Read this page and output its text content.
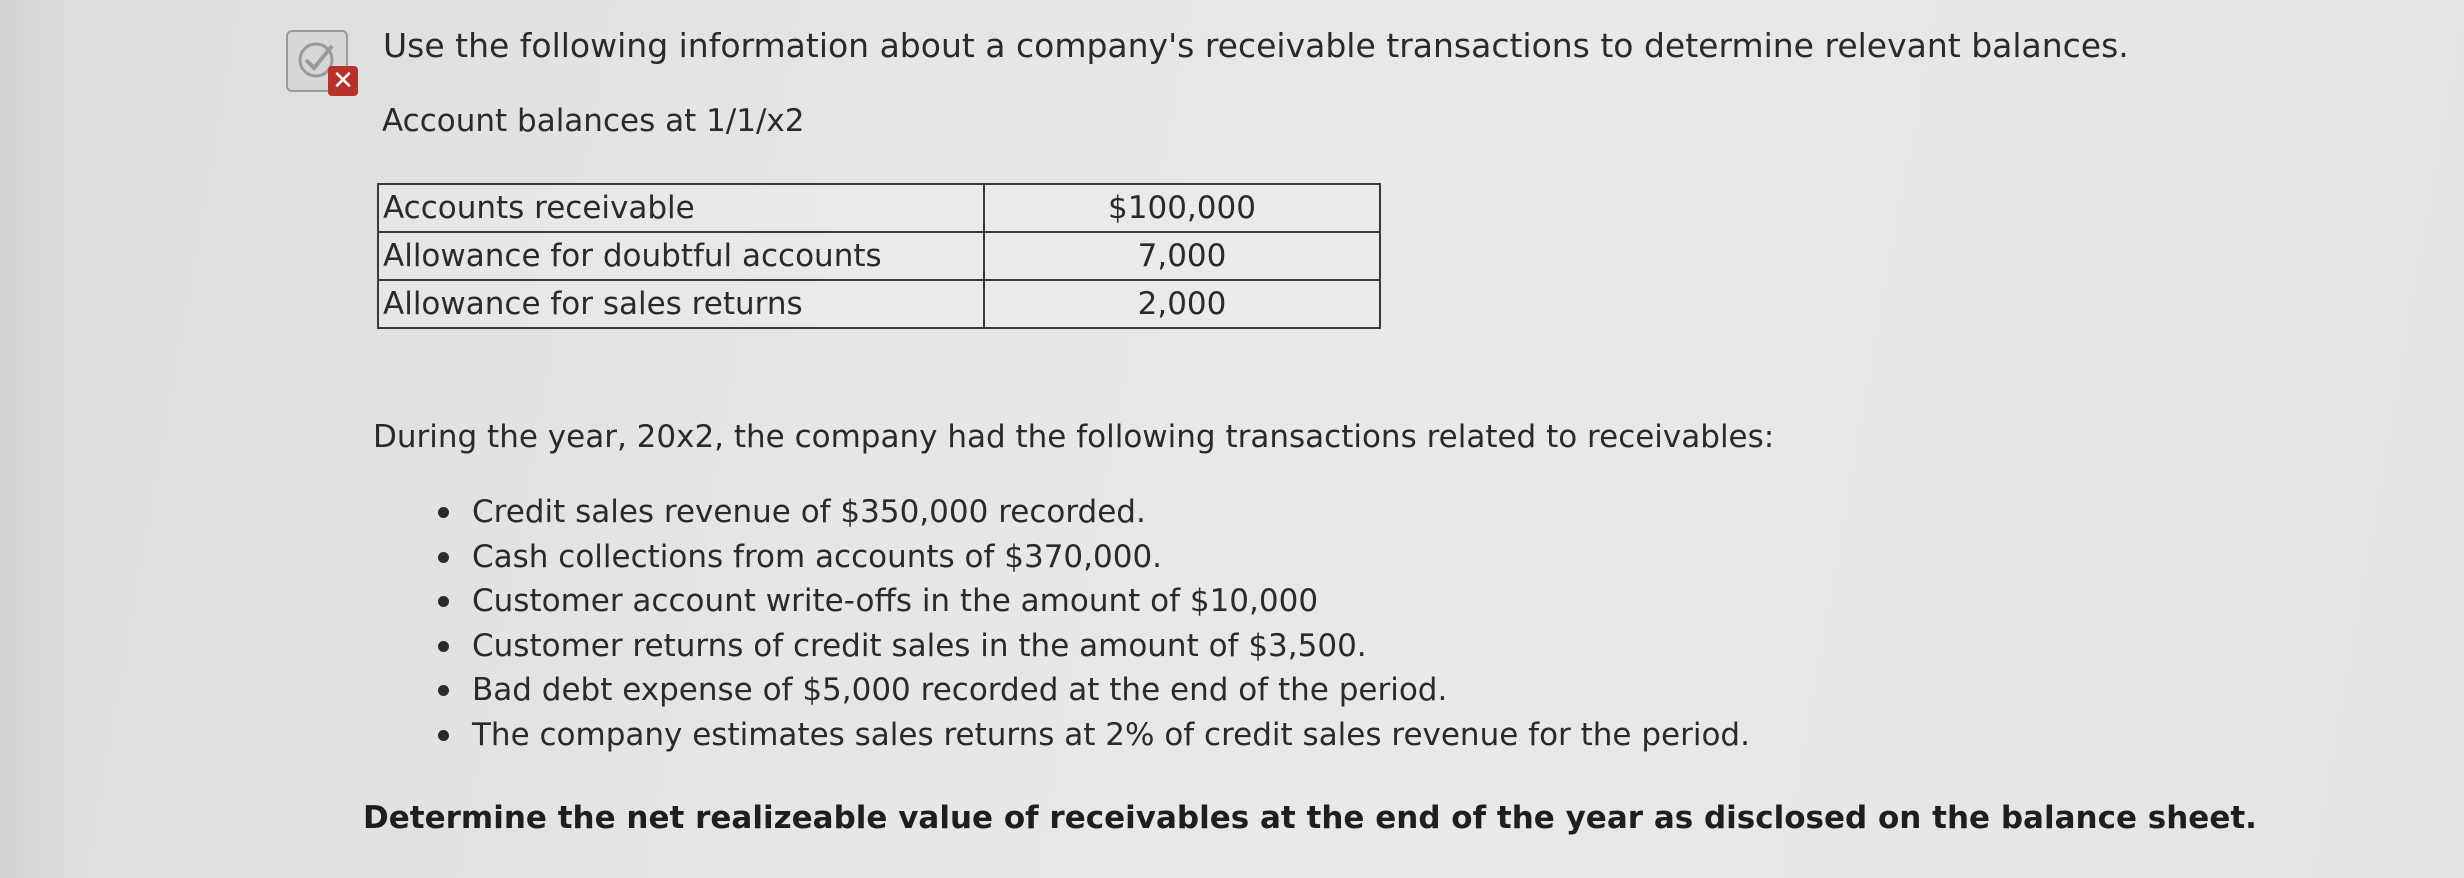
✕
Use the following information about a company's receivable transactions to determine relevant balances.
Account balances at 1/1/x2
Accounts receivable	$100,000
Allowance for doubtful accounts	7,000
Allowance for sales returns	2,000
During the year, 20x2, the company had the following transactions related to receivables:
Credit sales revenue of $350,000 recorded.
Cash collections from accounts of $370,000.
Customer account write-offs in the amount of $10,000
Customer returns of credit sales in the amount of $3,500.
Bad debt expense of $5,000 recorded at the end of the period.
The company estimates sales returns at 2% of credit sales revenue for the period.
Determine the net realizeable value of receivables at the end of the year as disclosed on the balance sheet.
